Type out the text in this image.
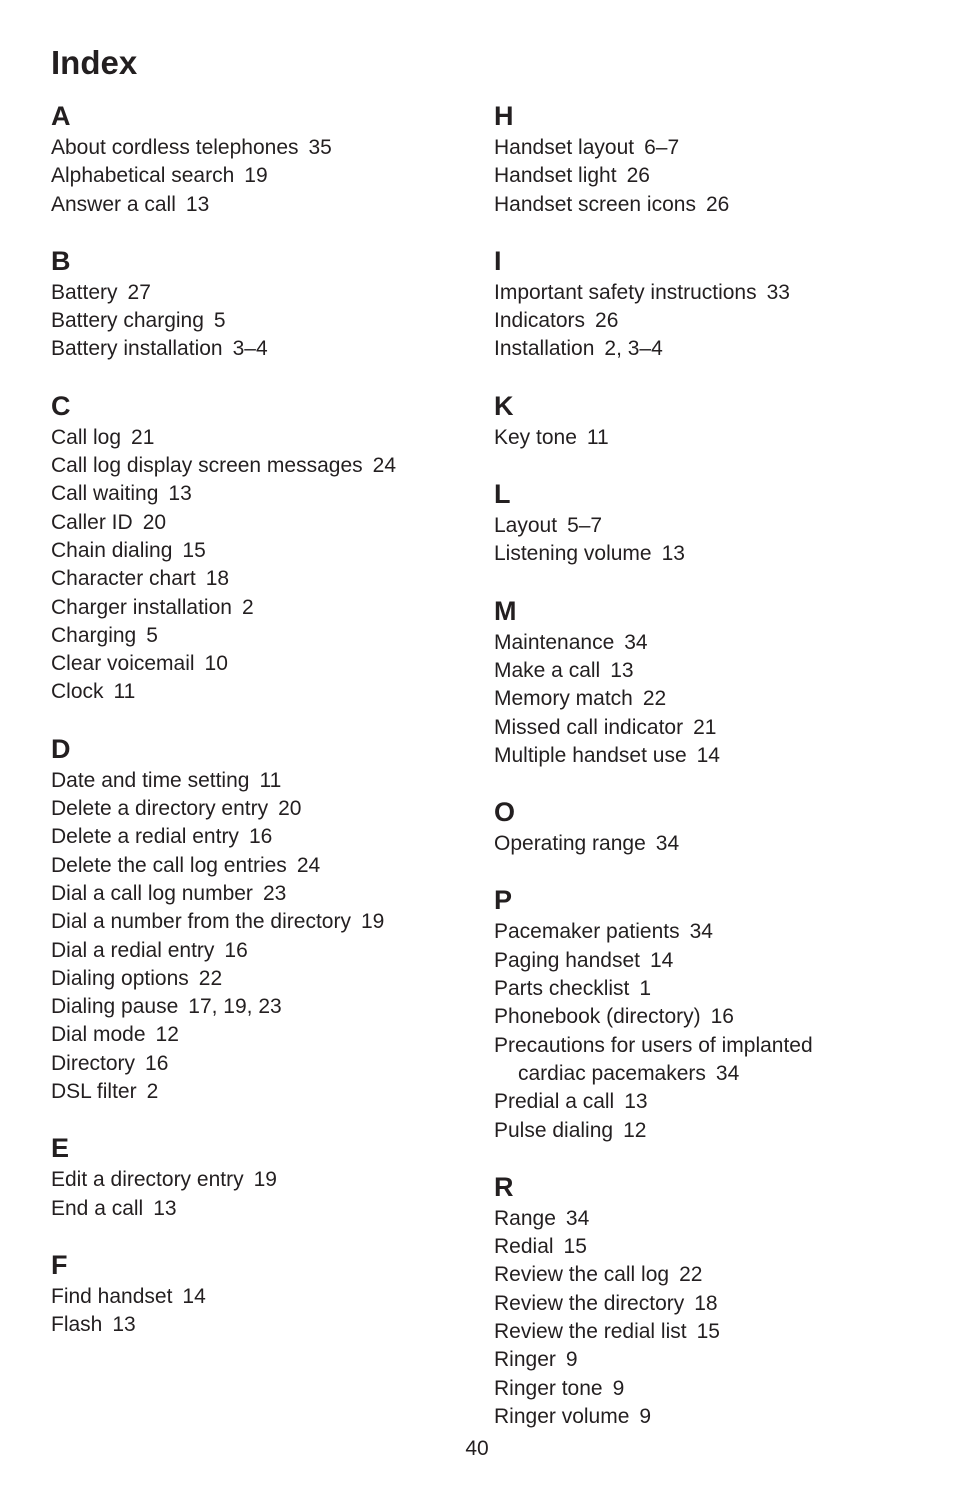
Index
A
About cordless telephones 35
Alphabetical search 19
Answer a call 13
B
Battery 27
Battery charging 5
Battery installation 3–4
C
Call log 21
Call log display screen messages 24
Call waiting 13
Caller ID 20
Chain dialing 15
Character chart 18
Charger installation 2
Charging 5
Clear voicemail 10
Clock 11
D
Date and time setting 11
Delete a directory entry 20
Delete a redial entry 16
Delete the call log entries 24
Dial a call log number 23
Dial a number from the directory 19
Dial a redial entry 16
Dialing options 22
Dialing pause 17, 19, 23
Dial mode 12
Directory 16
DSL filter 2
E
Edit a directory entry 19
End a call 13
F
Find handset 14
Flash 13
H
Handset layout 6–7
Handset light 26
Handset screen icons 26
I
Important safety instructions 33
Indicators 26
Installation 2, 3–4
K
Key tone 11
L
Layout 5–7
Listening volume 13
M
Maintenance 34
Make a call 13
Memory match 22
Missed call indicator 21
Multiple handset use 14
O
Operating range 34
P
Pacemaker patients 34
Paging handset 14
Parts checklist 1
Phonebook (directory) 16
Precautions for users of implanted cardiac pacemakers 34
Predial a call 13
Pulse dialing 12
R
Range 34
Redial 15
Review the call log 22
Review the directory 18
Review the redial list 15
Ringer 9
Ringer tone 9
Ringer volume 9
40
